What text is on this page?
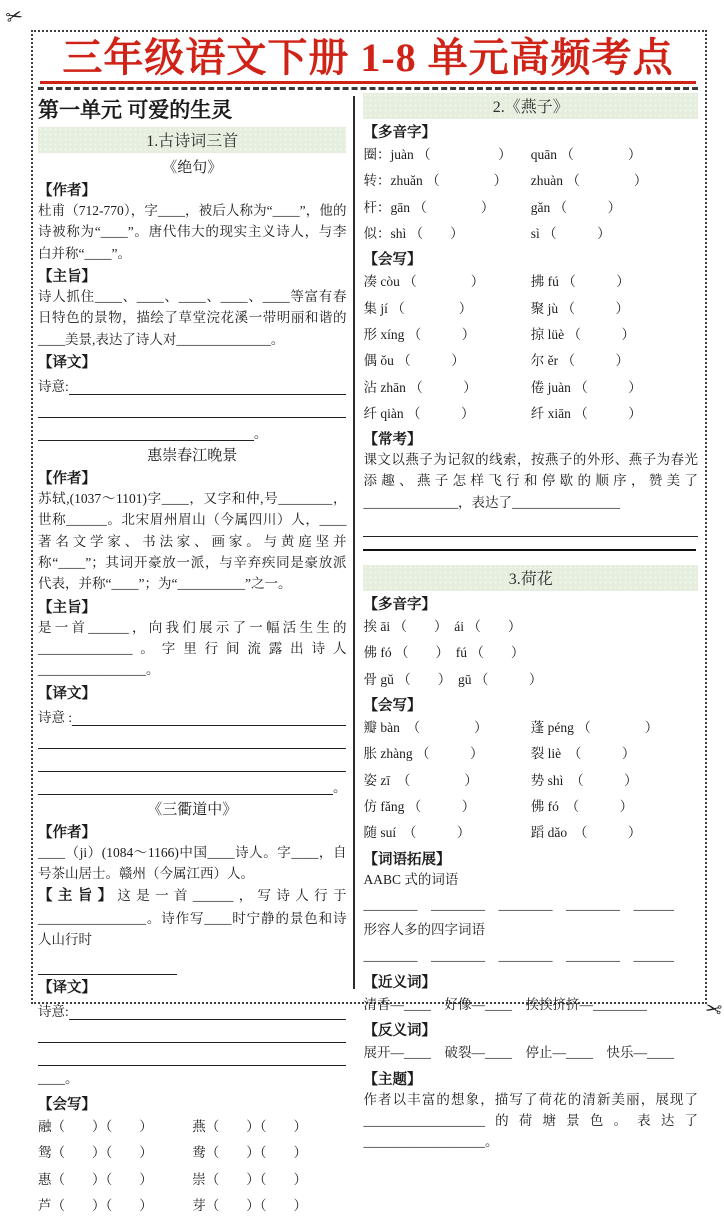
✂
✂
三年级语文下册 1-8 单元高频考点
第一单元 可爱的生灵
1.古诗词三首
《绝句》
【作者】

杜甫（712-770），字____，被后人称为“____”，他的诗被称为“____”。唐代伟大的现实主义诗人，与李白并称“____”。

【主旨】

诗人抓住____、____、____、____、____等富有春日特色的景物，描绘了草堂浣花溪一带明丽和谐的____美景,表达了诗人对______________。

【译文】
诗意:
。
惠崇春江晚景
【作者】

苏轼,(1037～1101)字____，又字和仲,号________，世称______。北宋眉州眉山（今属四川）人，____著名文学家、书法家、画家。与黄庭坚并称“____”；其词开豪放一派，与辛弃疾同是豪放派代表，并称“____”；为“__________”之一。

【主旨】

是一首______，向我们展示了一幅活生生的______________。字里行间流露出诗人________________。

【译文】
诗意 :
。
《三衢道中》
【作者】

____（ji）(1084～1166)中国____诗人。字____，自号茶山居士。赣州（今属江西）人。

【主旨】这是一首______，写诗人行于________________。诗作写____时宁静的景色和诗人山行时

【译文】
诗意:
____。
【会写】
融（　　）（　　）	燕（　　）（　　）
鸳（　　）（　　）	鸯（　　）（　　）
惠（　　）（　　）	崇（　　）（　　）
芦（　　）（　　）	芽（　　）（　　）
2.《燕子》
【多音字】
圈：juàn （　　　　　）	quān （　　　　）
转：zhuǎn （　　　　）	zhuàn （　　　　）
杆：gān （　　　　）	gǎn （　　　）
似：shì （　　）	sì （　　　）
【会写】
凑 còu （　　　　）	拂 fú （　　　）
集 jí （　　　　）	聚 jù （　　　）
形 xíng （　　　）	掠 lüè （　　　）
偶 ǒu （　　　）	尔 ěr （　　　）
沾 zhān （　　　）	倦 juàn （　　　）
纤 qiàn （　　　）	纤 xiān （　　　）
【常考】

课文以燕子为记叙的线索，按燕子的外形、燕子为春光添趣、燕子怎样飞行和停歇的顺序，赞美了______________，表达了________________

3.荷花
【多音字】
挨 āi （　　）　ái （　　）
佛 fó （　　）　fú （　　）
骨 gǔ （　　）　gū （　　　）
【会写】
瓣 bàn　（　　　　）	蓬 péng （　　　　）
胀 zhàng （　　　）	裂 liè　（　　　）
姿 zī　（　　　　）	势 shì　（　　　）
仿 fǎng （　　　）	佛 fó　（　　　）
随 suí　（　　　）	蹈 dǎo　（　　　）
【词语拓展】

AABC 式的词语

________　________　________　________　______

形容人多的四字词语

________　________　________　________　______

【近义词】
清香—____　好像—____　挨挨挤挤—________
【反义词】
展开—____　破裂—____　停止—____　快乐—____
【主题】

作者以丰富的想象，描写了荷花的清新美丽，展现了__________________的荷塘景色。表达了__________________。
